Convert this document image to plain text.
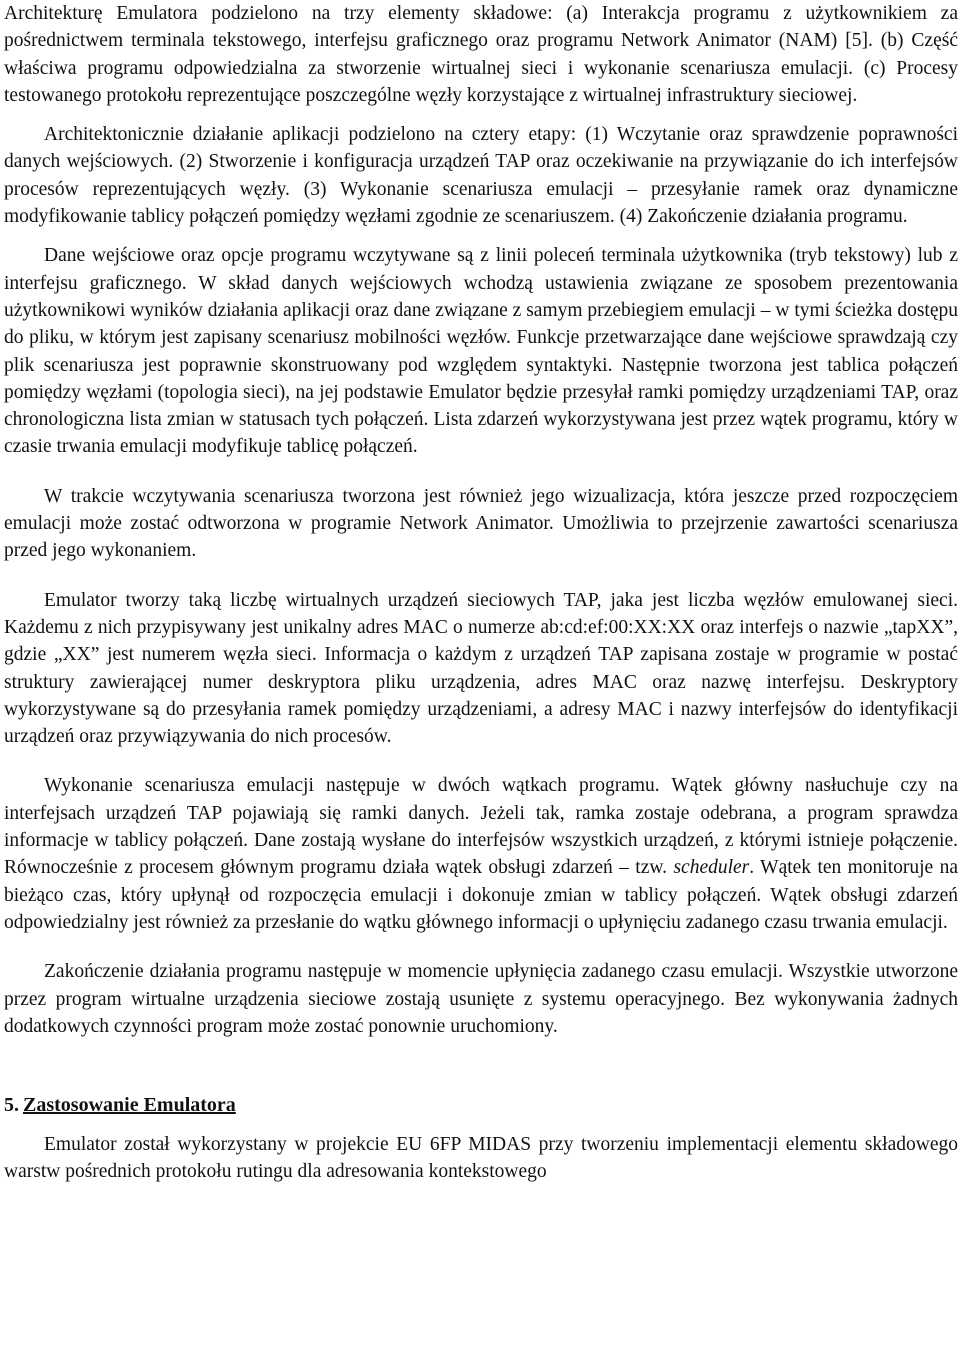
Architekturę Emulatora podzielono na trzy elementy składowe: (a) Interakcja programu z użytkownikiem za pośrednictwem terminala tekstowego, interfejsu graficznego oraz programu Network Animator (NAM) [5]. (b) Część właściwa programu odpowiedzialna za stworzenie wirtualnej sieci i wykonanie scenariusza emulacji. (c) Procesy testowanego protokołu reprezentujące poszczególne węzły korzystające z wirtualnej infrastruktury sieciowej.

Architektonicznie działanie aplikacji podzielono na cztery etapy: (1) Wczytanie oraz sprawdzenie poprawności danych wejściowych. (2) Stworzenie i konfiguracja urządzeń TAP oraz oczekiwanie na przywiązanie do ich interfejsów procesów reprezentujących węzły. (3) Wykonanie scenariusza emulacji – przesyłanie ramek oraz dynamiczne modyfikowanie tablicy połączeń pomiędzy węzłami zgodnie ze scenariuszem. (4) Zakończenie działania programu.

Dane wejściowe oraz opcje programu wczytywane są z linii poleceń terminala użytkownika (tryb tekstowy) lub z interfejsu graficznego. W skład danych wejściowych wchodzą ustawienia związane ze sposobem prezentowania użytkownikowi wyników działania aplikacji oraz dane związane z samym przebiegiem emulacji – w tymi ścieżka dostępu do pliku, w którym jest zapisany scenariusz mobilności węzłów. Funkcje przetwarzające dane wejściowe sprawdzają czy plik scenariusza jest poprawnie skonstruowany pod względem syntaktyki. Następnie tworzona jest tablica połączeń pomiędzy węzłami (topologia sieci), na jej podstawie Emulator będzie przesyłał ramki pomiędzy urządzeniami TAP, oraz chronologiczna lista zmian w statusach tych połączeń. Lista zdarzeń wykorzystywana jest przez wątek programu, który w czasie trwania emulacji modyfikuje tablicę połączeń.

W trakcie wczytywania scenariusza tworzona jest również jego wizualizacja, która jeszcze przed rozpoczęciem emulacji może zostać odtworzona w programie Network Animator. Umożliwia to przejrzenie zawartości scenariusza przed jego wykonaniem.

Emulator tworzy taką liczbę wirtualnych urządzeń sieciowych TAP, jaka jest liczba węzłów emulowanej sieci. Każdemu z nich przypisywany jest unikalny adres MAC o numerze ab:cd:ef:00:XX:XX oraz interfejs o nazwie „tapXX”, gdzie „XX” jest numerem węzła sieci. Informacja o każdym z urządzeń TAP zapisana zostaje w programie w postać struktury zawierającej numer deskryptora pliku urządzenia, adres MAC oraz nazwę interfejsu. Deskryptory wykorzystywane są do przesyłania ramek pomiędzy urządzeniami, a adresy MAC i nazwy interfejsów do identyfikacji urządzeń oraz przywiązywania do nich procesów.

Wykonanie scenariusza emulacji następuje w dwóch wątkach programu. Wątek główny nasłuchuje czy na interfejsach urządzeń TAP pojawiają się ramki danych. Jeżeli tak, ramka zostaje odebrana, a program sprawdza informacje w tablicy połączeń. Dane zostają wysłane do interfejsów wszystkich urządzeń, z którymi istnieje połączenie. Równocześnie z procesem głównym programu działa wątek obsługi zdarzeń – tzw. scheduler. Wątek ten monitoruje na bieżąco czas, który upłynął od rozpoczęcia emulacji i dokonuje zmian w tablicy połączeń. Wątek obsługi zdarzeń odpowiedzialny jest również za przesłanie do wątku głównego informacji o upłynięciu zadanego czasu trwania emulacji.

Zakończenie działania programu następuje w momencie upłynięcia zadanego czasu emulacji. Wszystkie utworzone przez program wirtualne urządzenia sieciowe zostają usunięte z systemu operacyjnego. Bez wykonywania żadnych dodatkowych czynności program może zostać ponownie uruchomiony.

5. Zastosowanie Emulatora

Emulator został wykorzystany w projekcie EU 6FP MIDAS przy tworzeniu implementacji elementu składowego warstw pośrednich protokołu rutingu dla adresowania kontekstowego
